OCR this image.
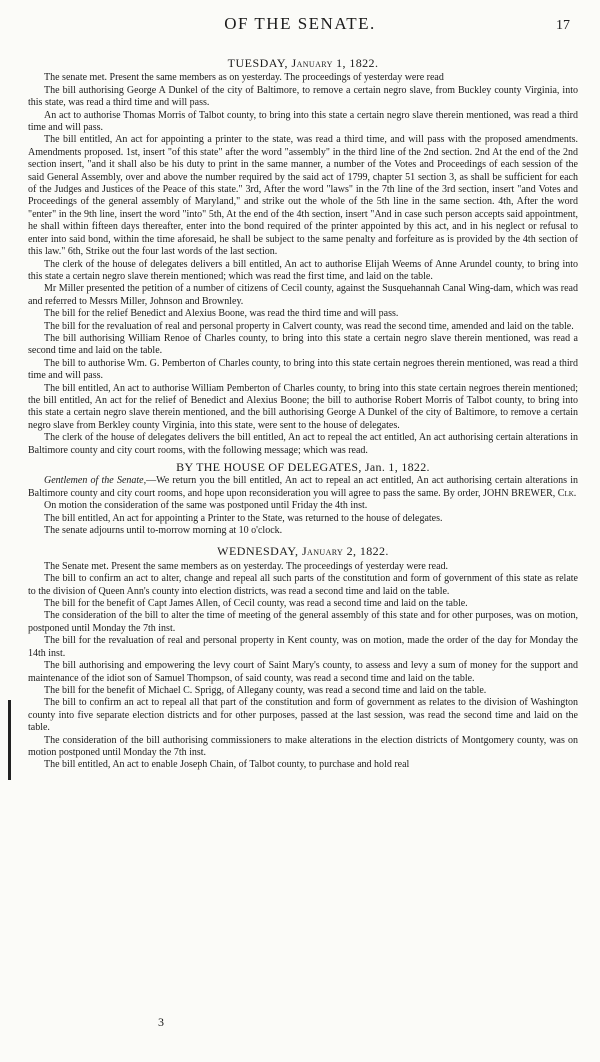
OF THE SENATE.	17
TUESDAY, January 1, 1822.

The senate met. Present the same members as on yesterday. The proceedings of yesterday were read

The bill authorising George A Dunkel of the city of Baltimore, to remove a certain negro slave, from Buckley county Virginia, into this state, was read a third time and will pass.

An act to authorise Thomas Morris of Talbot county, to bring into this state a certain negro slave therein mentioned, was read a third time and will pass.

The bill entitled, An act for appointing a printer to the state, was read a third time, and will pass with the proposed amendments. Amendments proposed. 1st, insert "of this state" after the word "assembly" in the third line of the 2nd section. 2nd At the end of the 2nd section insert, "and it shall also be his duty to print in the same manner, a number of the Votes and Proceedings of each session of the said General Assembly, over and above the number required by the said act of 1799, chapter 51 section 3, as shall be sufficient for each of the Judges and Justices of the Peace of this state." 3rd, After the word "laws" in the 7th line of the 3rd section, insert "and Votes and Proceedings of the general assembly of Maryland," and strike out the whole of the 5th line in the same section. 4th, After the word "enter" in the 9th line, insert the word "into" 5th, At the end of the 4th section, insert "And in case such person accepts said appointment, he shall within fifteen days thereafter, enter into the bond required of the printer appointed by this act, and in his neglect or refusal to enter into said bond, within the time aforesaid, he shall be subject to the same penalty and forfeiture as is provided by the 4th section of this law." 6th, Strike out the four last words of the last section.

The clerk of the house of delegates delivers a bill entitled, An act to authorise Elijah Weems of Anne Arundel county, to bring into this state a certain negro slave therein mentioned; which was read the first time, and laid on the table.

Mr Miller presented the petition of a number of citizens of Cecil county, against the Susquehannah Canal Wing-dam, which was read and referred to Messrs Miller, Johnson and Brownley.

The bill for the relief Benedict and Alexius Boone, was read the third time and will pass.

The bill for the revaluation of real and personal property in Calvert county, was read the second time, amended and laid on the table.

The bill authorising William Renoe of Charles county, to bring into this state a certain negro slave therein mentioned, was read a second time and laid on the table.

The bill to authorise Wm. G. Pemberton of Charles county, to bring into this state certain negroes therein mentioned, was read a third time and will pass.

The bill entitled, An act to authorise William Pemberton of Charles county, to bring into this state certain negroes therein mentioned; the bill entitled, An act for the relief of Benedict and Alexius Boone; the bill to authorise Robert Morris of Talbot county, to bring into this state a certain negro slave therein mentioned, and the bill authorising George A Dunkel of the city of Baltimore, to remove a certain negro slave from Berkley county Virginia, into this state, were sent to the house of delegates.

The clerk of the house of delegates delivers the bill entitled, An act to repeal the act entitled, An act authorising certain alterations in Baltimore county and city court rooms, with the following message; which was read.

BY THE HOUSE OF DELEGATES, Jan. 1, 1822.

Gentlemen of the Senate,—We return you the bill entitled, An act to repeal an act entitled, An act authorising certain alterations in Baltimore county and city court rooms, and hope upon reconsideration you will agree to pass the same. By order, JOHN BREWER, Clk.

On motion the consideration of the same was postponed until Friday the 4th inst.

The bill entitled, An act for appointing a Printer to the State, was returned to the house of delegates.

The senate adjourns until to-morrow morning at 10 o'clock.

WEDNESDAY, January 2, 1822.

The Senate met. Present the same members as on yesterday. The proceedings of yesterday were read.

The bill to confirm an act to alter, change and repeal all such parts of the constitution and form of government of this state as relate to the division of Queen Ann's county into election districts, was read a second time and laid on the table.

The bill for the benefit of Capt James Allen, of Cecil county, was read a second time and laid on the table.

The consideration of the bill to alter the time of meeting of the general assembly of this state and for other purposes, was on motion, postponed until Monday the 7th inst.

The bill for the revaluation of real and personal property in Kent county, was on motion, made the order of the day for Monday the 14th inst.

The bill authorising and empowering the levy court of Saint Mary's county, to assess and levy a sum of money for the support and maintenance of the idiot son of Samuel Thompson, of said county, was read a second time and laid on the table.

The bill for the benefit of Michael C. Sprigg, of Allegany county, was read a second time and laid on the table.

The bill to confirm an act to repeal all that part of the constitution and form of government as relates to the division of Washington county into five separate election districts and for other purposes, passed at the last session, was read the second time and laid on the table.

The consideration of the bill authorising commissioners to make alterations in the election districts of Montgomery county, was on motion postponed until Monday the 7th inst.

The bill entitled, An act to enable Joseph Chain, of Talbot county, to purchase and hold real

3
